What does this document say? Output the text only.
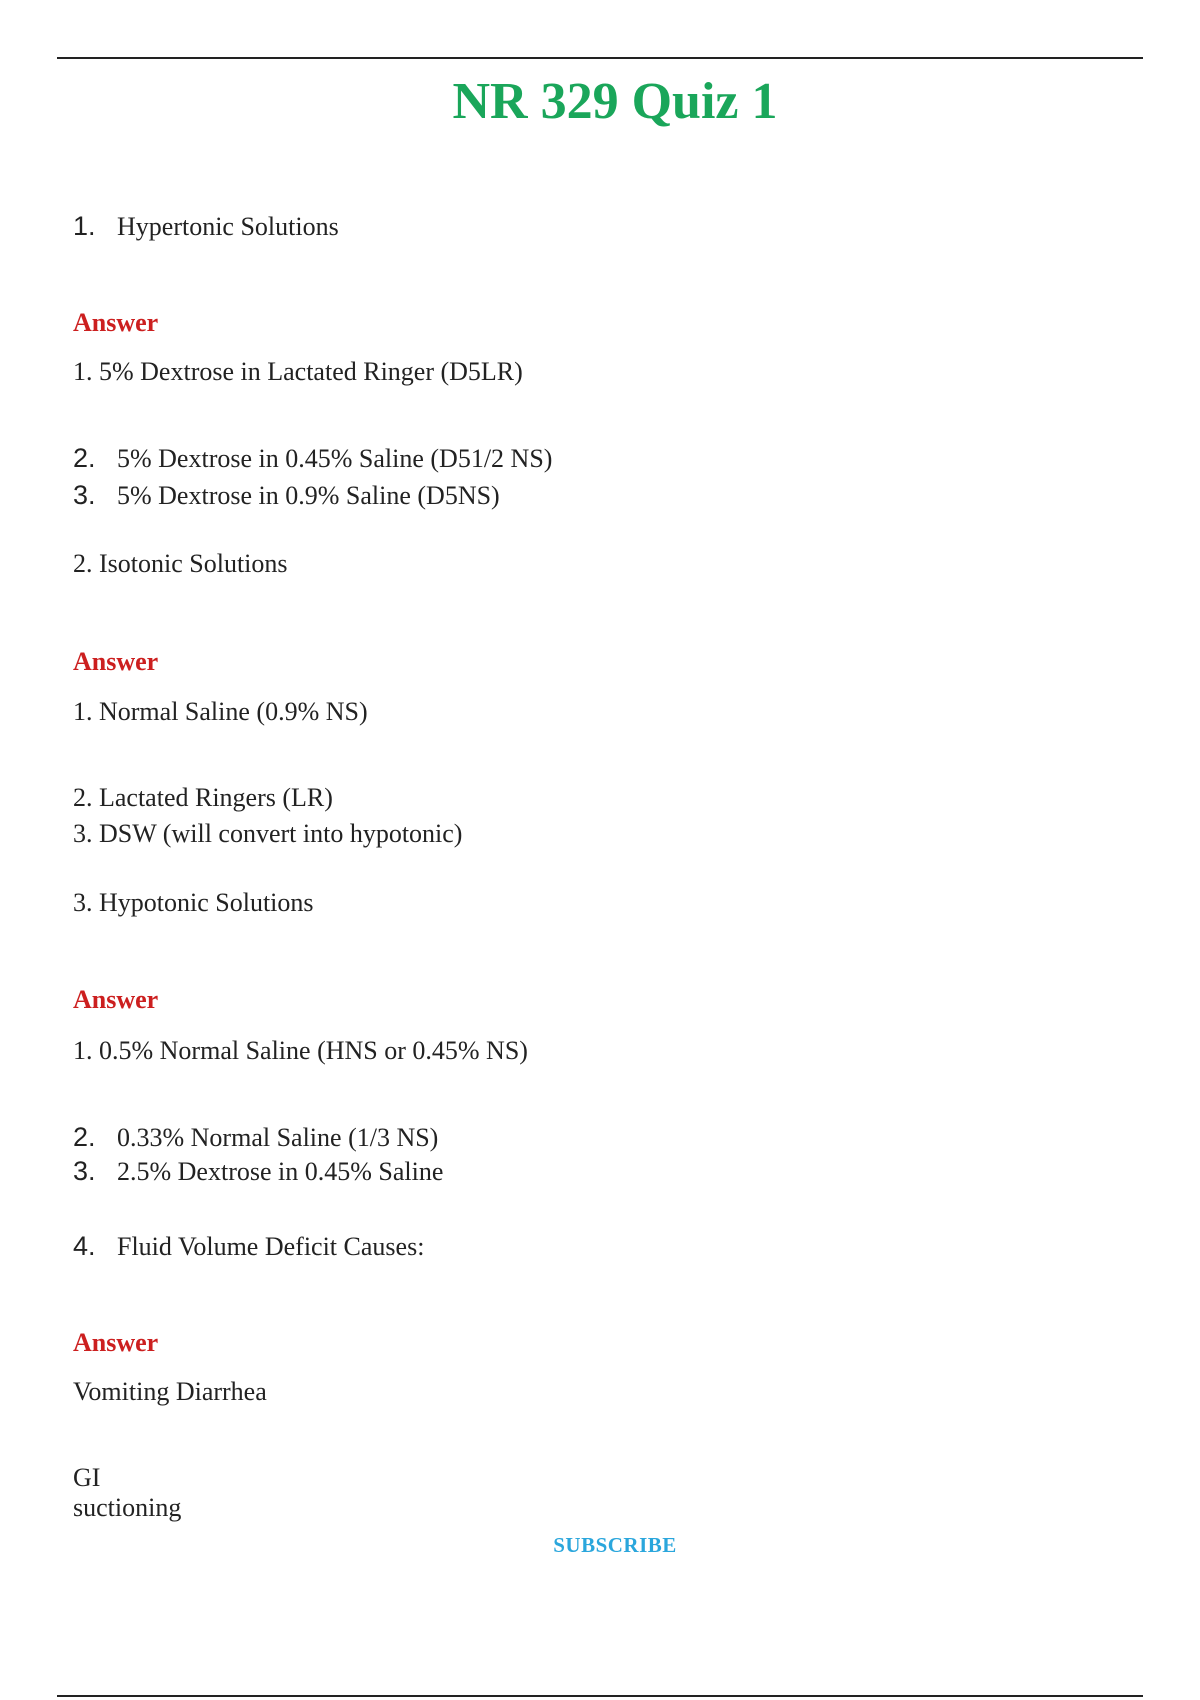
NR 329 Quiz 1
1. Hypertonic Solutions
Answer
1. 5% Dextrose in Lactated Ringer (D5LR)
2. 5% Dextrose in 0.45% Saline (D51/2 NS)
3. 5% Dextrose in 0.9% Saline (D5NS)
2. Isotonic Solutions
Answer
1. Normal Saline (0.9% NS)
2. Lactated Ringers (LR)
3. DSW (will convert into hypotonic)
3. Hypotonic Solutions
Answer
1. 0.5% Normal Saline (HNS or 0.45% NS)
2. 0.33% Normal Saline (1/3 NS)
3. 2.5% Dextrose in 0.45% Saline
4. Fluid Volume Deficit Causes:
Answer
Vomiting Diarrhea
GI
suctioning
SUBSCRIBE
